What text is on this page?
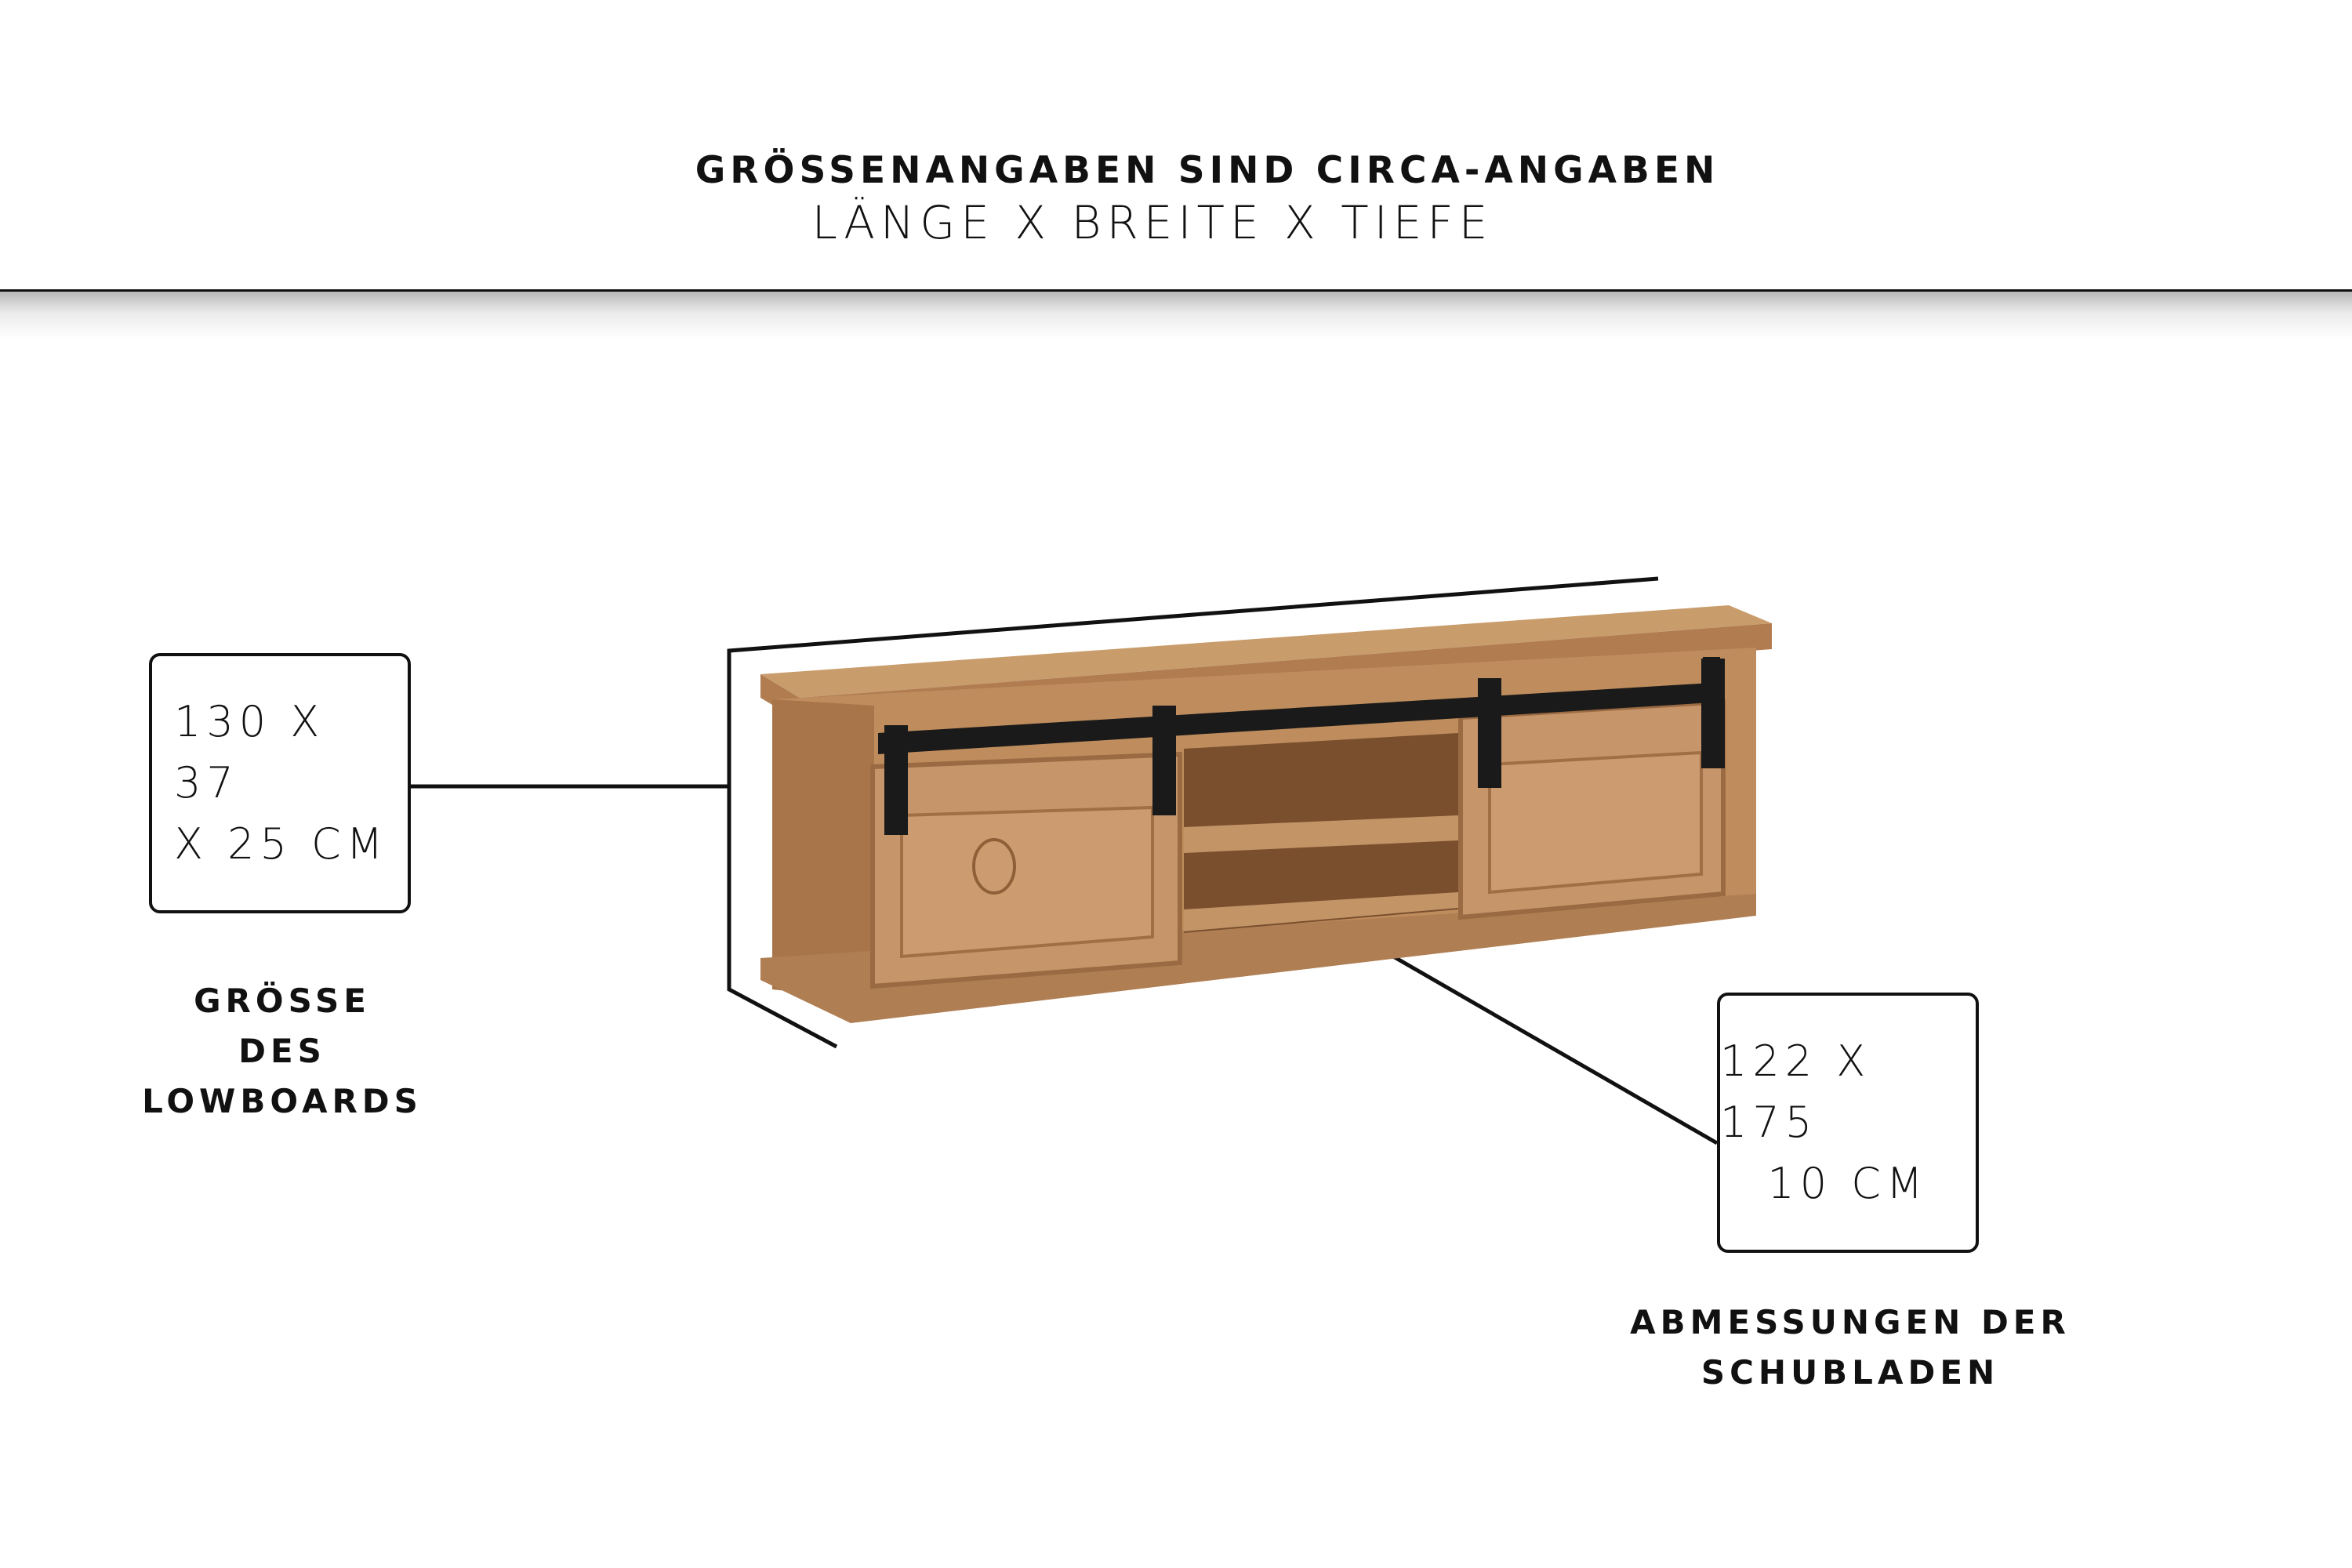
GRÖSSENANGABEN SIND CIRCA-ANGABEN
LÄNGE X BREITE X TIEFE
130 X 37
X 25 CM
GRÖSSE
DES
LOWBOARDS
122 X 175
10 CM
ABMESSUNGEN DER
SCHUBLADEN
